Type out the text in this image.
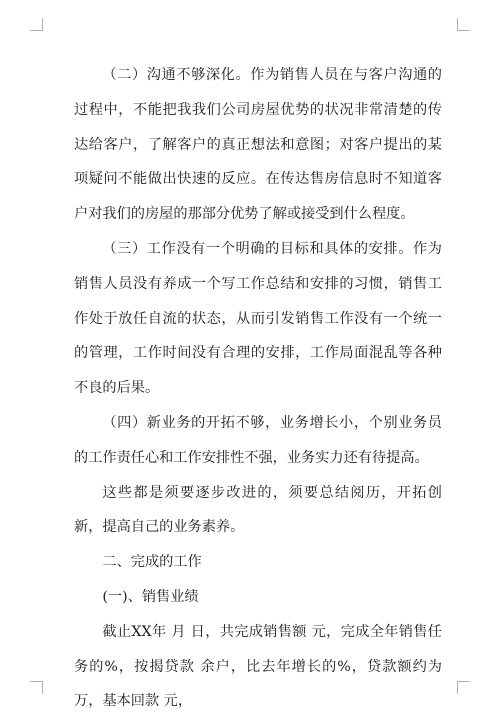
（二）沟通不够深化。作为销售人员在与客户沟通的过程中，不能把我我们公司房屋优势的状况非常清楚的传达给客户，了解客户的真正想法和意图；对客户提出的某项疑问不能做出快速的反应。在传达售房信息时不知道客户对我们的房屋的那部分优势了解或接受到什么程度。

（三）工作没有一个明确的目标和具体的安排。作为销售人员没有养成一个写工作总结和安排的习惯，销售工作处于放任自流的状态，从而引发销售工作没有一个统一的管理，工作时间没有合理的安排，工作局面混乱等各种不良的后果。

（四）新业务的开拓不够，业务增长小，个别业务员的工作责任心和工作安排性不强，业务实力还有待提高。

这些都是须要逐步改进的，须要总结阅历，开拓创新，提高自己的业务素养。

二、完成的工作

(一)、销售业绩

截止XX年 月 日，共完成销售额 元，完成全年销售任务的%，按揭贷款 余户，比去年增长的%，贷款额约为 万，基本回款 元，
